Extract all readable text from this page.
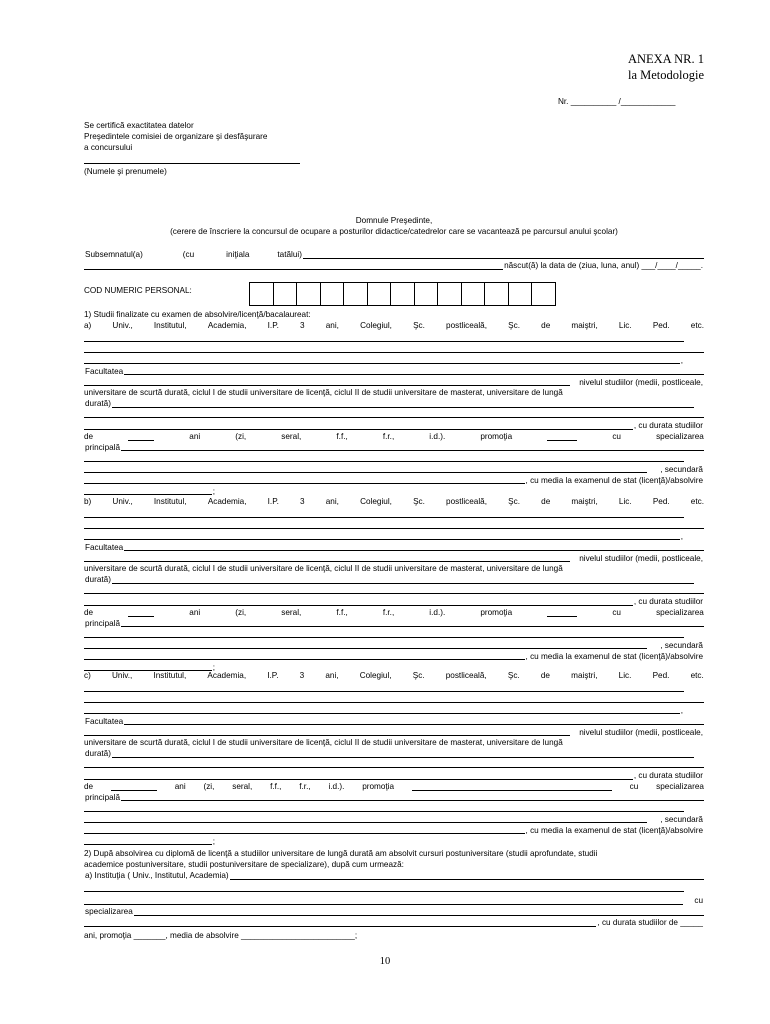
ANEXA NR. 1
la Metodologie
Nr. __________ /____________
Se certifică exactitatea datelor
Preşedintele comisiei de organizare şi desfăşurare
a concursului
(Numele şi prenumele)
Domnule Preşedinte,
(cerere de înscriere la concursul de ocupare a posturilor didactice/catedrelor care se vacantează pe parcursul anului şcolar)
Subsemnatul(a)	(cu	iniţiala	tatălui)
născut(ă) la data de (ziua, luna, anul) ___/____/_____.
COD NUMERIC PERSONAL:
1) Studii finalizate cu examen de absolvire/licenţă/bacalaureat:
a)	Univ.,	Institutul,	Academia,	I.P.	3	ani,	Colegiul,	Şc.	postliceală,	Şc.	de	maiştri,	Lic.	Ped.	etc.
,
Facultatea
nivelul studiilor (medii, postliceale,
universitare de scurtă durată, ciclul I de studii universitare de licenţă, ciclul II de studii universitare de masterat, universitare de lungă
durată)
, cu durata studiilor
de	ani	(zi,	seral,	f.f.,	f.r.,	i.d.).	promoţia	cu	specializarea
principală
, secundară
, cu media la examenul de stat (licenţă)/absolvire
;
b)	Univ.,	Institutul,	Academia,	I.P.	3	ani,	Colegiul,	Şc.	postliceală,	Şc.	de	maiştri,	Lic.	Ped.	etc.
,
Facultatea
nivelul studiilor (medii, postliceale,
universitare de scurtă durată, ciclul I de studii universitare de licenţă, ciclul II de studii universitare de masterat, universitare de lungă
durată)
, cu durata studiilor
de	ani	(zi,	seral,	f.f.,	f.r.,	i.d.).	promoţia	cu	specializarea
principală
, secundară
, cu media la examenul de stat (licenţă)/absolvire
;
c)	Univ.,	Institutul,	Academia,	I.P.	3	ani,	Colegiul,	Şc.	postliceală,	Şc.	de	maiştri,	Lic.	Ped.	etc.
,
Facultatea
nivelul studiilor (medii, postliceale,
universitare de scurtă durată, ciclul I de studii universitare de licenţă, ciclul II de studii universitare de masterat, universitare de lungă
durată)
, cu durata studiilor
de	ani (zi, seral, f.f., f.r., i.d.). promoţia	cu specializarea
principală
, secundară
, cu media la examenul de stat (licenţă)/absolvire
;
2) După absolvirea cu diplomă de licenţă a studiilor universitare de lungă durată am absolvit cursuri postuniversitare (studii aprofundate, studii
academice postuniversitare, studii postuniversitare de specializare), după cum urmează:
a) Instituţia ( Univ., Institutul, Academia)
cu
specializarea
, cu durata studiilor de _____
ani, promoţia _______, media de absolvire _________________________;
10
